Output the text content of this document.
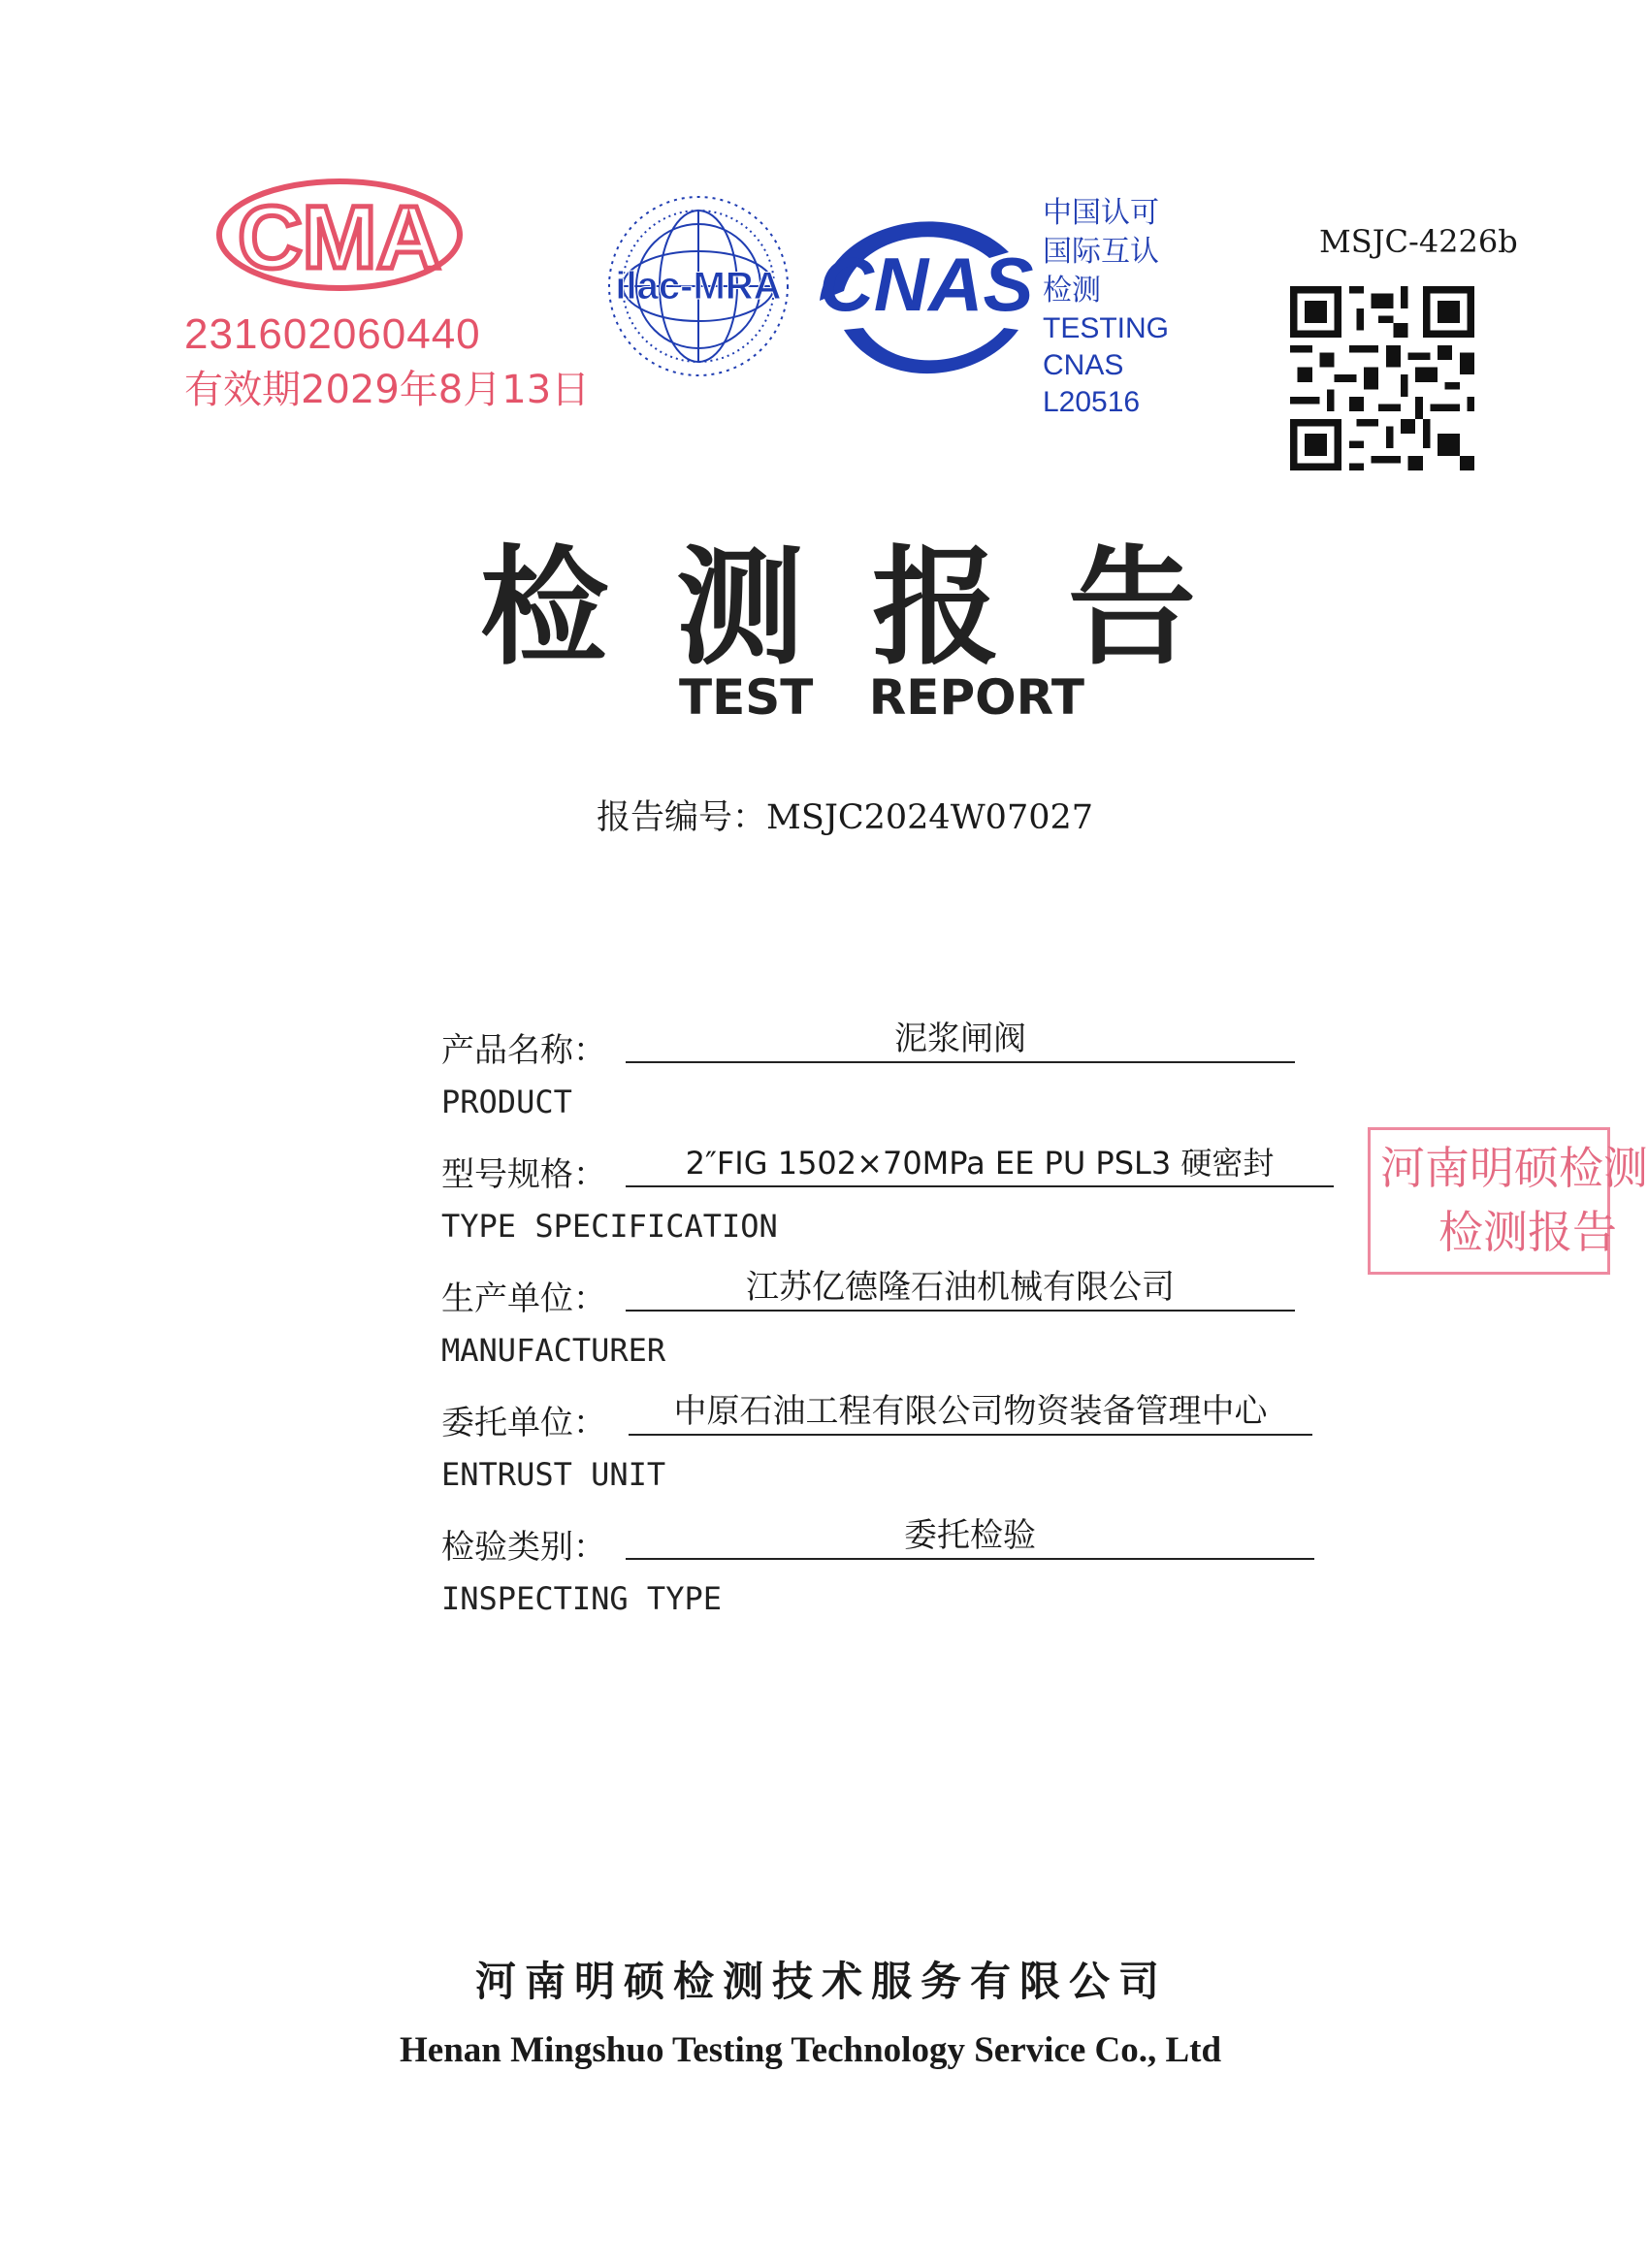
CMA
231602060440
有效期2029年8月13日
ilac-MRA CNAS
中国认可
国际互认
检测
TESTING
CNAS L20516
MSJC-4226b
检测报告
TEST REPORT
报告编号：MSJC2024W07027
产品名称：	泥浆闸阀
PRODUCT
型号规格：	2″FIG 1502×70MPa EE PU PSL3 硬密封
TYPE SPECIFICATION
生产单位：	江苏亿德隆石油机械有限公司
MANUFACTURER
委托单位：	中原石油工程有限公司物资装备管理中心
ENTRUST UNIT
检验类别：	委托检验
INSPECTING TYPE
河南明硕检测
检测报告
河南明硕检测技术服务有限公司
Henan Mingshuo Testing Technology Service Co., Ltd
